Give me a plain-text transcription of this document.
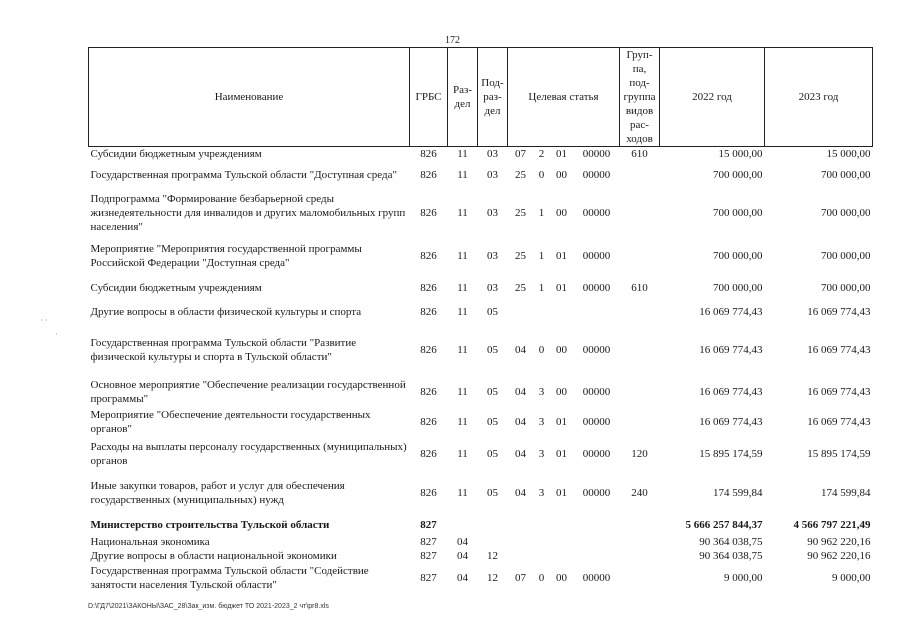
172
Наименование	ГРБС	Раз-дел	Под-раз-дел	Целевая статья				Груп-па, под-группа видов рас-ходов	2022 год	2023 год
Субсидии бюджетным учреждениям	826	11	03	07	2	01	00000	610	15 000,00	15 000,00
Государственная программа Тульской области "Доступная среда"	826	11	03	25	0	00	00000		700 000,00	700 000,00
Подпрограмма "Формирование безбарьерной среды жизнедеятельности для инвалидов и других маломобильных групп населения"	826	11	03	25	1	00	00000		700 000,00	700 000,00
Мероприятие "Мероприятия государственной программы Российской Федерации "Доступная среда"	826	11	03	25	1	01	00000		700 000,00	700 000,00
Субсидии бюджетным учреждениям	826	11	03	25	1	01	00000	610	700 000,00	700 000,00
Другие вопросы в области физической культуры и спорта	826	11	05						16 069 774,43	16 069 774,43
Государственная программа Тульской области "Развитие физической культуры и спорта в Тульской области"	826	11	05	04	0	00	00000		16 069 774,43	16 069 774,43
Основное мероприятие "Обеспечение реализации государственной программы"	826	11	05	04	3	00	00000		16 069 774,43	16 069 774,43
Мероприятие "Обеспечение деятельности государственных органов"	826	11	05	04	3	01	00000		16 069 774,43	16 069 774,43
Расходы на выплаты персоналу государственных (муниципальных) органов	826	11	05	04	3	01	00000	120	15 895 174,59	15 895 174,59
Иные закупки товаров, работ и услуг для обеспечения государственных (муниципальных) нужд	826	11	05	04	3	01	00000	240	174 599,84	174 599,84
Министерство строительства Тульской области	827								5 666 257 844,37	4 566 797 221,49
Национальная экономика	827	04							90 364 038,75	90 962 220,16
Другие вопросы в области национальной экономики	827	04	12						90 364 038,75	90 962 220,16
Государственная программа Тульской области "Содействие занятости населения Тульской области"	827	04	12	07	0	00	00000		9 000,00	9 000,00
D:\ГД7\2021\ЗАКОНЫ\ЗАС_28\Зак_изм. бюджет ТО 2021-2023_2 чт\pr8.xls
· ·
·
